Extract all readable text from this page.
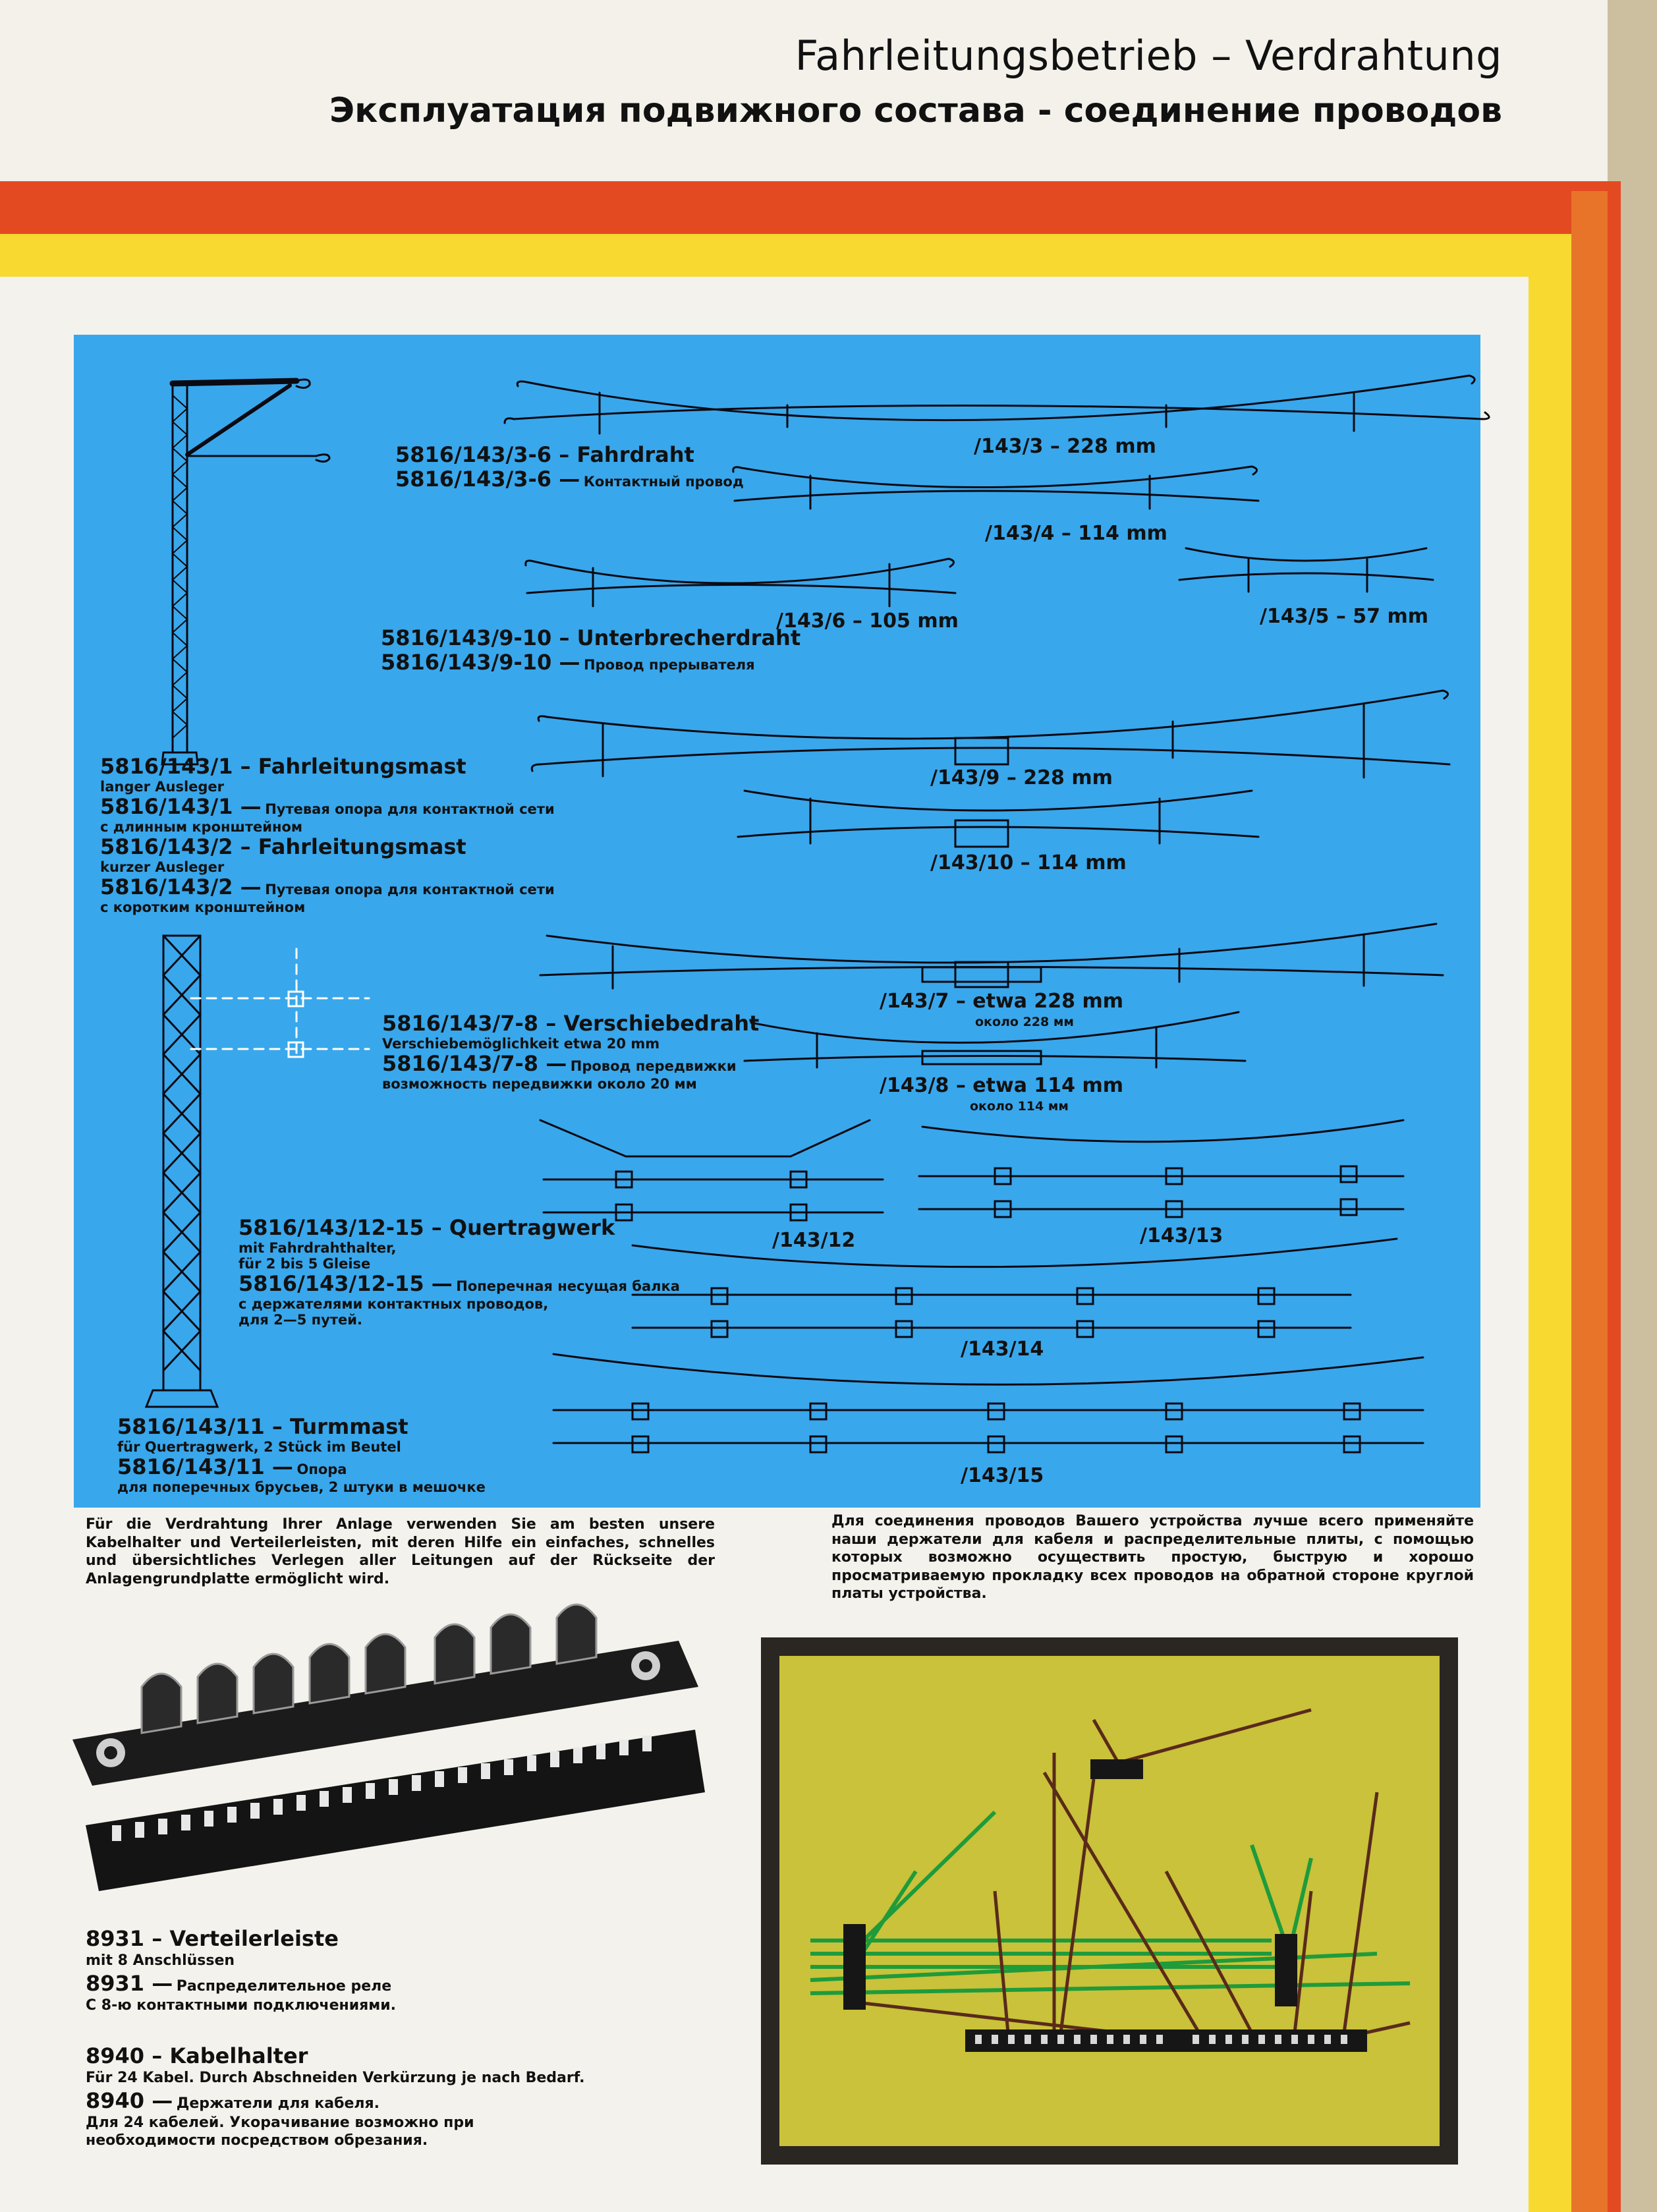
Fahrleitungsbetrieb – Verdrahtung
Эксплуатация подвижного состава - соединение проводов
5816/143/3-6 – Fahrdraht
5816/143/3-6 — Контактный провод
/143/3 – 228 mm
/143/4 – 114 mm
/143/6 – 105 mm	/143/5 – 57 mm
5816/143/9-10 – Unterbrecherdraht
5816/143/9-10 — Провод прерывателя
/143/9 – 228 mm
/143/10 – 114 mm
5816/143/1 – Fahrleitungsmast
langer Ausleger
5816/143/1 — Путевая опора для контактной сети
с длинным кронштейном
5816/143/2 – Fahrleitungsmast
kurzer Ausleger
5816/143/2 — Путевая опора для контактной сети
с коротким кронштейном
5816/143/7-8 – Verschiebedraht
Verschiebemöglichkeit etwa 20 mm
5816/143/7-8 — Провод передвижки
возможность передвижки около 20 мм
/143/7 – etwa 228 mm
около 228 мм
/143/8 – etwa 114 mm
около 114 мм
5816/143/12-15 – Quertragwerk
mit Fahrdrahthalter,
für 2 bis 5 Gleise
5816/143/12-15 — Поперечная несущая балка
с держателями контактных проводов,
для 2—5 путей.
/143/12	/143/13
/143/14
/143/15
5816/143/11 – Turmmast
für Quertragwerk, 2 Stück im Beutel
5816/143/11 — Опора
для поперечных брусьев, 2 штуки в мешочке
Für die Verdrahtung Ihrer Anlage verwenden Sie am besten unsere Kabelhalter und Verteilerleisten, mit deren Hilfe ein einfaches, schnelles und übersichtliches Verlegen aller Leitungen auf der Rückseite der Anlagengrundplatte ermöglicht wird.
Для соединения проводов Вашего устройства лучше всего применяйте наши держатели для кабеля и распределительные плиты, с помощью которых возможно осуществить простую, быструю и хорошо просматриваемую прокладку всех проводов на обратной стороне круглой платы устройства.
8931 – Verteilerleiste
mit 8 Anschlüssen
8931 — Распределительное реле
С 8-ю контактными подключениями.
8940 – Kabelhalter
Für 24 Kabel. Durch Abschneiden Verkürzung je nach Bedarf.
8940 — Держатели для кабеля.
Для 24 кабелей. Укорачивание возможно при
необходимости посредством обрезания.
